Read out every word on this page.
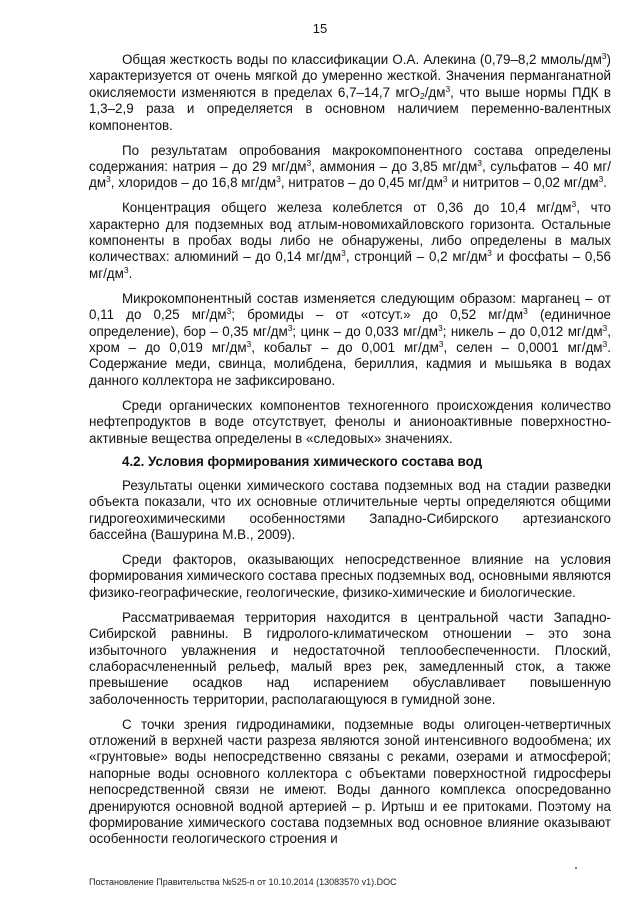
15

Общая жесткость воды по классификации О.А. Алекина (0,79–8,2 ммоль/$дм^3$) характеризуется от очень мягкой до умеренно жесткой. Значения перманганатной окисляемости изменяются в пределах 6,7–14,7 $мгО_2/дм^3$, что выше нормы ПДК в 1,3–2,9 раза и определяется в основном наличием переменно-валентных компонентов.

По результатам опробования макрокомпонентного состава определены содержания: натрия – до 29 $мг/дм^3$, аммония – до 3,85 $мг/дм^3$, сульфатов – 40 $мг/дм^3$, хлоридов – до 16,8 $мг/дм^3$, нитратов – до 0,45 $мг/дм^3$ и нитритов – 0,02 $мг/дм^3$.

Концентрация общего железа колеблется от 0,36 до 10,4 $мг/дм^3$, что характерно для подземных вод атлым-новомихайловского горизонта. Остальные компоненты в пробах воды либо не обнаружены, либо определены в малых количествах: алюминий – до 0,14 $мг/дм^3$, стронций – 0,2 $мг/дм^3$ и фосфаты – 0,56 $мг/дм^3$.

Микрокомпонентный состав изменяется следующим образом: марганец – от 0,11 до 0,25 $мг/дм^3$; бромиды – от «отсут.» до 0,52 $мг/дм^3$ (единичное определение), бор – 0,35 $мг/дм^3$; цинк – до 0,033 $мг/дм^3$; никель – до 0,012 $мг/дм^3$, хром – до 0,019 $мг/дм^3$, кобальт – до 0,001 $мг/дм^3$, селен – 0,0001 $мг/дм^3$. Содержание меди, свинца, молибдена, бериллия, кадмия и мышьяка в водах данного коллектора не зафиксировано.

Среди органических компонентов техногенного происхождения количество нефтепродуктов в воде отсутствует, фенолы и анионоактивные поверхностно-активные вещества определены в «следовых» значениях.

4.2. Условия формирования химического состава вод

Результаты оценки химического состава подземных вод на стадии разведки объекта показали, что их основные отличительные черты определяются общими гидрогеохимическими особенностями Западно-Сибирского артезианского бассейна (Вашурина М.В., 2009).

Среди факторов, оказывающих непосредственное влияние на условия формирования химического состава пресных подземных вод, основными являются физико-географические, геологические, физико-химические и биологические.

Рассматриваемая территория находится в центральной части Западно-Сибирской равнины. В гидролого-климатическом отношении – это зона избыточного увлажнения и недостаточной теплообеспеченности. Плоский, слаборасчлененный рельеф, малый врез рек, замедленный сток, а также превышение осадков над испарением обуславливает повышенную заболоченность территории, располагающуюся в гумидной зоне.

С точки зрения гидродинамики, подземные воды олигоцен-четвертичных отложений в верхней части разреза являются зоной интенсивного водообмена; их «грунтовые» воды непосредственно связаны с реками, озерами и атмосферой; напорные воды основного коллектора с объектами поверхностной гидросферы непосредственной связи не имеют. Воды данного комплекса опосредованно дренируются основной водной артерией – р. Иртыш и ее притоками. Поэтому на формирование химического состава подземных вод основное влияние оказывают особенности геологического строения и

Постановление Правительства №525-п от 10.10.2014 (13083570 v1).DOC
